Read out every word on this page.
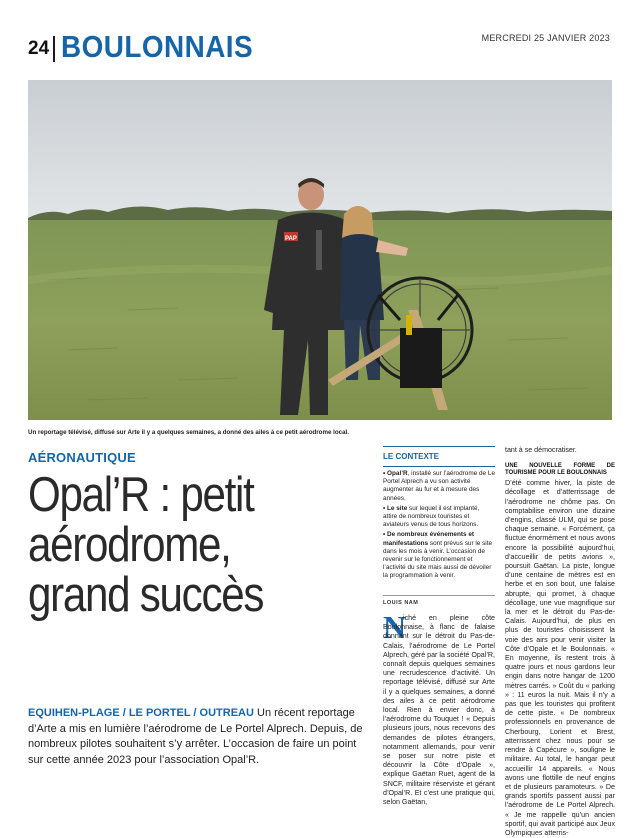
24 BOULONNAIS	MERCREDI 25 JANVIER 2023
PAP
Un reportage télévisé, diffusé sur Arte il y a quelques semaines, a donné des ailes à ce petit aérodrome local.
AÉRONAUTIQUE
Opal’R : petit aérodrome, grand succès
EQUIHEN-PLAGE / LE PORTEL / OUTREAU Un récent reportage d’Arte a mis en lumière l’aérodrome de Le Portel Alprech. Depuis, de nombreux pilotes souhaitent s’y arrêter. L’occasion de faire un point sur cette année 2023 pour l’association Opal’R.
LE CONTEXTE

• Opal’R, installé sur l’aérodrome de Le Portel Alprech a vu son activité augmenter au fur et à mesure des années.

• Le site sur lequel il est implanté, attire de nombreux touristes et aviateurs venus de tous horizons.

• De nombreux événements et manifestations sont prévus sur le site dans les mois à venir. L’occasion de revenir sur le fonctionnement et l’activité du site mais aussi de dévoiler la programmation à venir.

LOUIS NAM
N
iché en pleine côte Boulonnaise, à flanc de falaise donnant sur le détroit du Pas-de-Calais, l’aérodrome de Le Portel Alprech, géré par la société Opal’R, connaît depuis quelques semaines une recrudescence d’activité. Un reportage télévisé, diffusé sur Arte il y a quelques semaines, a donné des ailes à ce petit aérodrome local. Rien à envier donc, à l’aérodrome du Touquet ! « Depuis plusieurs jours, nous recevons des demandes de pilotes étrangers, notamment allemands, pour venir se poser sur notre piste et découvrir la Côte d’Opale », explique Gaëtan Ruet, agent de la SNCF, militaire réserviste et gérant d’Opal’R. Et c’est une pratique qui, selon Gaëtan,
tant à se démocratiser.
UNE NOUVELLE FORME DE TOURISME POUR LE BOULONNAIS
D’été comme hiver, la piste de décollage et d’atterrissage de l’aérodrome ne chôme pas. On comptabilise environ une dizaine d’engins, classé ULM, qui se pose chaque semaine. « Forcément, ça fluctue énormément et nous avons encore la possibilité aujourd’hui, d’accueillir de petits avions », poursuit Gaëtan. La piste, longue d’une centaine de mètres est en herbe et en son bout, une falaise abrupte, qui promet, à chaque décollage, une vue magnifique sur la mer et le détroit du Pas-de-Calais. Aujourd’hui, de plus en plus de touristes choisissent la voie des airs pour venir visiter la Côte d’Opale et le Boulonnais. « En moyenne, ils restent trois à quatre jours et nous gardons leur engin dans notre hangar de 1200 mètres carrés. » Coût du « parking » : 11 euros la nuit. Mais il n’y a pas que les touristes qui profitent de cette piste. « De nombreux professionnels en provenance de Cherbourg, Lorient et Brest, atterrissent chez nous pour se rendre à Capécure », souligne le militaire. Au total, le hangar peut accueillir 14 appareils. « Nous avons une flottille de neuf engins et de plusieurs paramoteurs. » De grands sportifs passent aussi par l’aérodrome de Le Portel Alprech. « Je me rappelle qu’un ancien sportif, qui avait participé aux Jeux Olympiques atterris-
